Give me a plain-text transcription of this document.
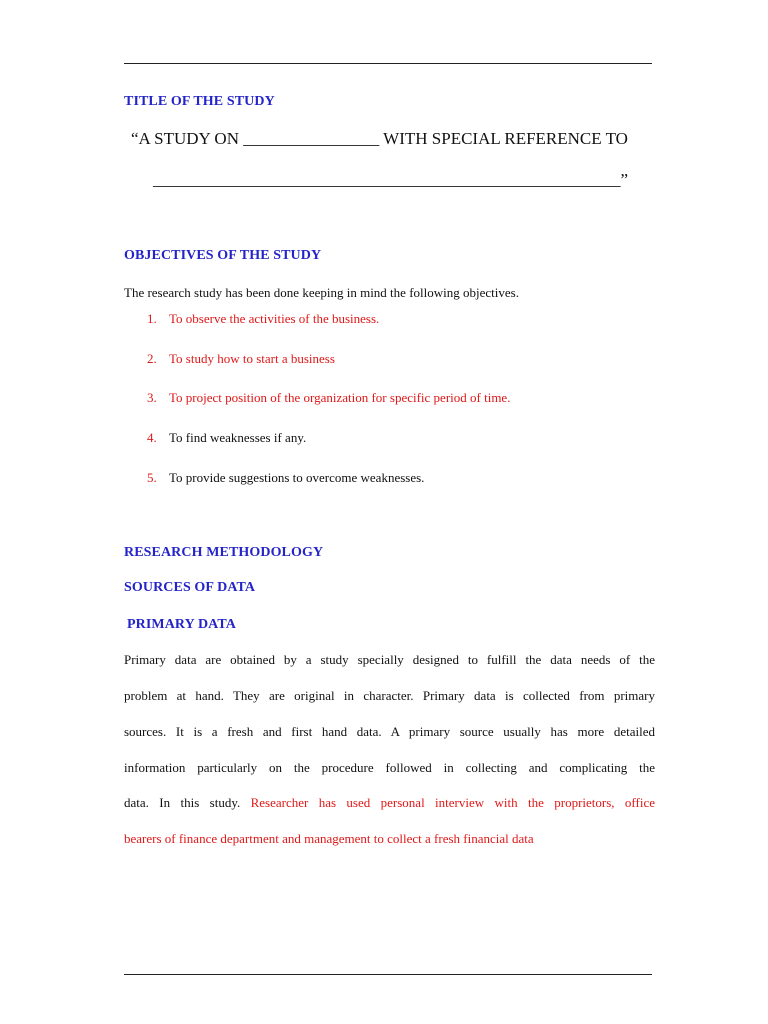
TITLE OF THE STUDY
“A STUDY ON ________________ WITH SPECIAL REFERENCE TO
_______________________________________________________”
OBJECTIVES OF THE STUDY
The research study has been done keeping in mind the following objectives.
1. To observe the activities of the business.
2. To study how to start a business
3. To project position of the organization for specific period of time.
4. To find weaknesses if any.
5. To provide suggestions to overcome weaknesses.
RESEARCH METHODOLOGY
SOURCES OF DATA
PRIMARY DATA
Primary data are obtained by a study specially designed to fulfill the data needs of the
problem at hand. They are original in character. Primary data is collected from primary
sources. It is a fresh and first hand data. A primary source usually has more detailed
information particularly on the procedure followed in collecting and complicating the
data. In this study. Researcher has used personal interview with the proprietors, office
bearers of finance department and management to collect a fresh financial data
